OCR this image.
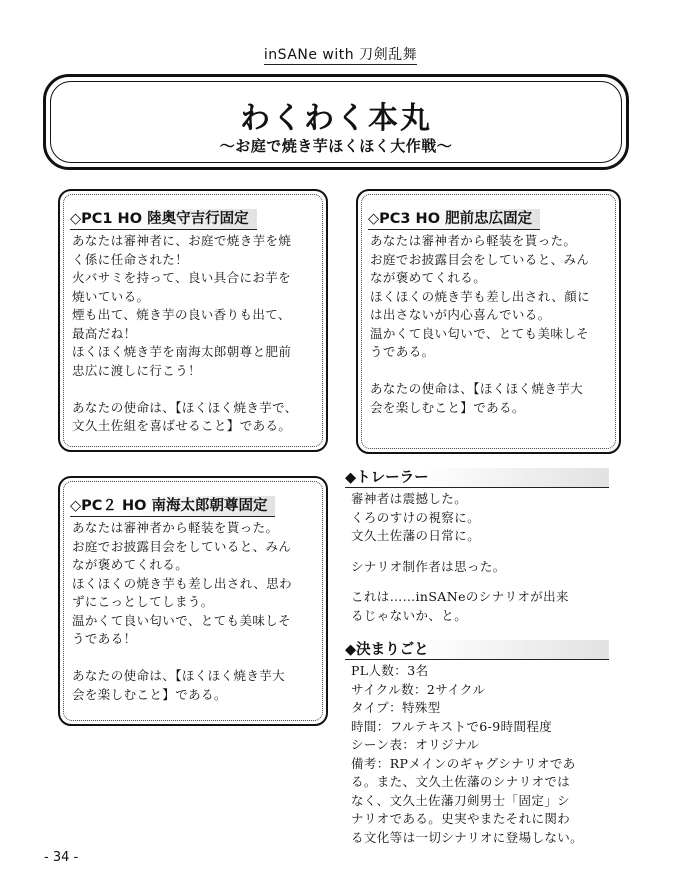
inSANe with 刀剣乱舞
わくわく本丸
～お庭で焼き芋ほくほく大作戦～
◇PC1 HO 陸奥守吉行固定

あなたは審神者に、お庭で焼き芋を焼

く係に任命された！

火バサミを持って、良い具合にお芋を

焼いている。

煙も出て、焼き芋の良い香りも出て、

最高だね！

ほくほく焼き芋を南海太郎朝尊と肥前

忠広に渡しに行こう！

あなたの使命は、【ほくほく焼き芋で、

文久土佐組を喜ばせること】である。

◇PC3 HO 肥前忠広固定

あなたは審神者から軽装を貰った。

お庭でお披露目会をしていると、みん

なが褒めてくれる。

ほくほくの焼き芋も差し出され、顔に

は出さないが内心喜んでいる。

温かくて良い匂いで、とても美味しそ

うである。

あなたの使命は、【ほくほく焼き芋大

会を楽しむこと】である。

◇PC２ HO 南海太郎朝尊固定

あなたは審神者から軽装を貰った。

お庭でお披露目会をしていると、みん

なが褒めてくれる。

ほくほくの焼き芋も差し出され、思わ

ずにこっとしてしまう。

温かくて良い匂いで、とても美味しそ

うである！

あなたの使命は、【ほくほく焼き芋大

会を楽しむこと】である。

◆トレーラー

審神者は震撼した。

くろのすけの視察に。

文久土佐藩の日常に。

シナリオ制作者は思った。

これは……inSANeのシナリオが出来

るじゃないか、と。

◆決まりごと

PL人数：3名

サイクル数：2サイクル

タイプ：特殊型

時間：フルテキストで6-9時間程度

シーン表：オリジナル

備考：RPメインのギャグシナリオであ

る。また、文久土佐藩のシナリオでは

なく、文久土佐藩刀剣男士「固定」シ

ナリオである。史実やまたそれに関わ

る文化等は一切シナリオに登場しない。

- 34 -
